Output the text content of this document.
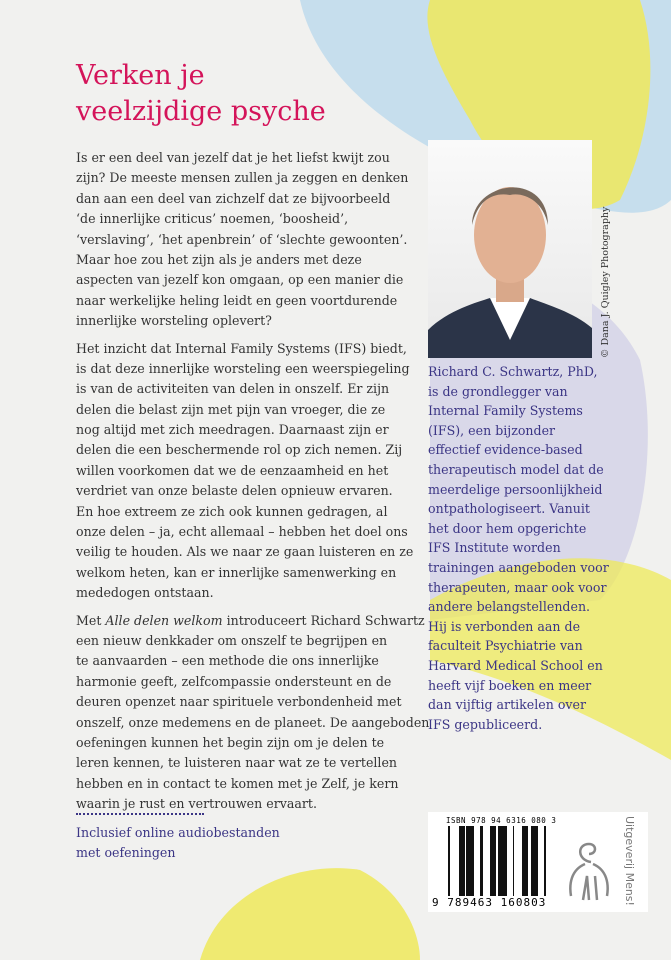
Verken je
veelzijdige psyche
Is er een deel van jezelf dat je het liefst kwijt zou
zijn? De meeste mensen zullen ja zeggen en denken
dan aan een deel van zichzelf dat ze bijvoorbeeld
‘de innerlijke criticus’ noemen, ‘boosheid’,
‘verslaving’, ‘het apenbrein’ of ‘slechte gewoonten’.
Maar hoe zou het zijn als je anders met deze
aspecten van jezelf kon omgaan, op een manier die
naar werkelijke heling leidt en geen voortdurende
innerlijke worsteling oplevert?
Het inzicht dat Internal Family Systems (IFS) biedt,
is dat deze innerlijke worsteling een weerspiegeling
is van de activiteiten van delen in onszelf. Er zijn
delen die belast zijn met pijn van vroeger, die ze
nog altijd met zich meedragen. Daarnaast zijn er
delen die een beschermende rol op zich nemen. Zij
willen voorkomen dat we de eenzaamheid en het
verdriet van onze belaste delen opnieuw ervaren.
En hoe extreem ze zich ook kunnen gedragen, al
onze delen – ja, echt allemaal – hebben het doel ons
veilig te houden. Als we naar ze gaan luisteren en ze
welkom heten, kan er innerlijke samenwerking en
mededogen ontstaan.
Met Alle delen welkom introduceert Richard Schwartz
een nieuw denkkader om onszelf te begrijpen en
te aanvaarden – een methode die ons innerlijke
harmonie geeft, zelfcompassie ondersteunt en de
deuren openzet naar spirituele verbondenheid met
onszelf, onze medemens en de planeet. De aangeboden
oefeningen kunnen het begin zijn om je delen te
leren kennen, te luisteren naar wat ze te vertellen
hebben en in contact te komen met je Zelf, je kern
waarin je rust en vertrouwen ervaart.
© Dana J. Quigley Photography
Richard C. Schwartz, PhD,
is de grondlegger van
Internal Family Systems
(IFS), een bijzonder
effectief evidence-based
therapeutisch model dat de
meerdelige persoonlijkheid
ontpathologiseert. Vanuit
het door hem opgerichte
IFS Institute worden
trainingen aangeboden voor
therapeuten, maar ook voor
andere belangstellenden.
Hij is verbonden aan de
faculteit Psychiatrie van
Harvard Medical School en
heeft vijf boeken en meer
dan vijftig artikelen over
IFS gepubliceerd.
Inclusief online audiobestanden
met oefeningen
ISBN 978 94 6316 080 3
9 789463 160803	Uitgeverij Mens!
